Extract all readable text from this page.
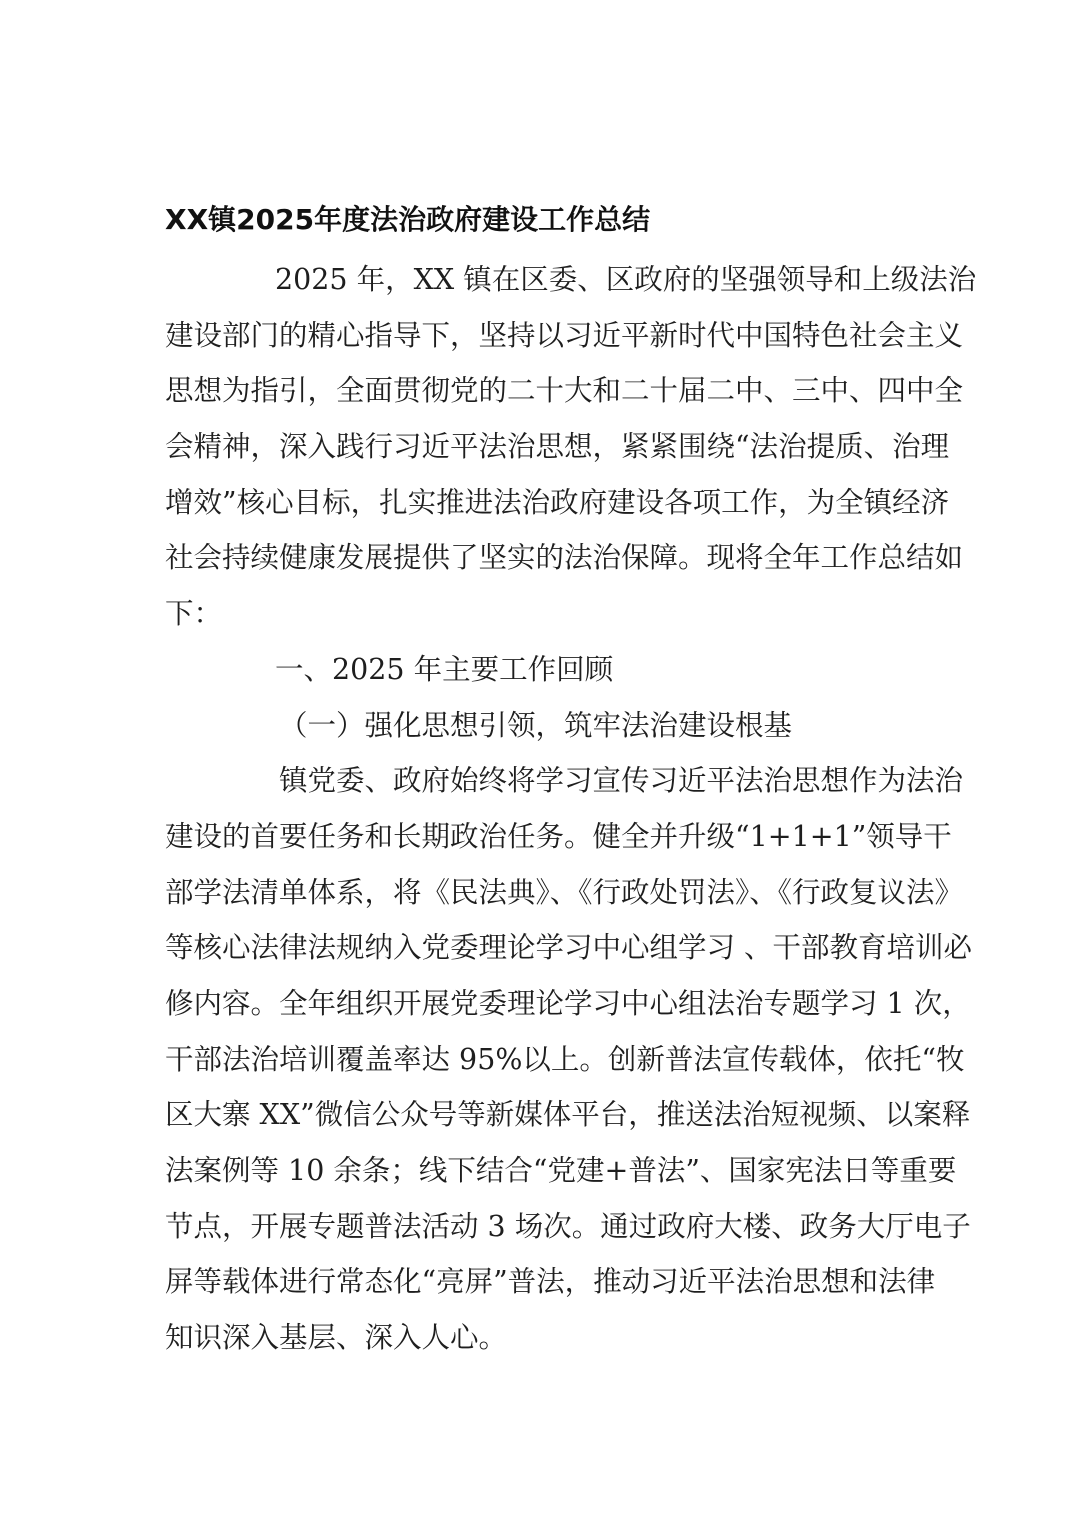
XX镇2025年度法治政府建设工作总结
2025 年，XX 镇在区委、区政府的坚强领导和上级法治
建设部门的精心指导下，坚持以习近平新时代中国特色社会主义
思想为指引，全面贯彻党的二十大和二十届二中、三中、四中全
会精神，深入践行习近平法治思想，紧紧围绕“法治提质、治理
增效”核心目标，扎实推进法治政府建设各项工作，为全镇经济
社会持续健康发展提供了坚实的法治保障。现将全年工作总结如
下：
一、2025 年主要工作回顾
（一）强化思想引领，筑牢法治建设根基
镇党委、政府始终将学习宣传习近平法治思想作为法治
建设的首要任务和长期政治任务。健全并升级“1+1+1”领导干
部学法清单体系，将《民法典》、《行政处罚法》、《行政复议法》
等核心法律法规纳入党委理论学习中心组学习 、干部教育培训必
修内容。全年组织开展党委理论学习中心组法治专题学习 1 次，
干部法治培训覆盖率达 95%以上。创新普法宣传载体，依托“牧
区大寨 XX”微信公众号等新媒体平台，推送法治短视频、以案释
法案例等 10 余条；线下结合“党建+普法”、国家宪法日等重要
节点，开展专题普法活动 3 场次。通过政府大楼、政务大厅电子
屏等载体进行常态化“亮屏”普法，推动习近平法治思想和法律
知识深入基层、深入人心。
